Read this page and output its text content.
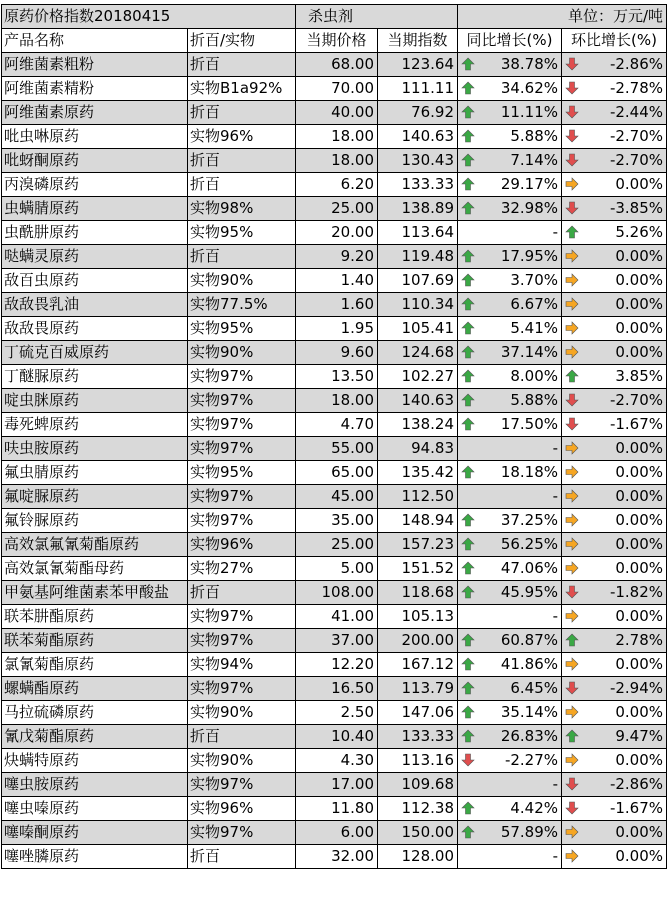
原药价格指数20180415 杀虫剂				单位：万元/吨	
产品名称	折百/实物	当期价格	当期指数	同比增长(%)	环比增长(%)
阿维菌素粗粉	折百	68.00	123.64	38.78%	-2.86%
阿维菌素精粉	实物B1a92%	70.00	111.11	34.62%	-2.78%
阿维菌素原药	折百	40.00	76.92	11.11%	-2.44%
吡虫啉原药	实物96%	18.00	140.63	5.88%	-2.70%
吡蚜酮原药	折百	18.00	130.43	7.14%	-2.70%
丙溴磷原药	折百	6.20	133.33	29.17%	0.00%
虫螨腈原药	实物98%	25.00	138.89	32.98%	-3.85%
虫酰肼原药	实物95%	20.00	113.64	-	5.26%
哒螨灵原药	折百	9.20	119.48	17.95%	0.00%
敌百虫原药	实物90%	1.40	107.69	3.70%	0.00%
敌敌畏乳油	实物77.5%	1.60	110.34	6.67%	0.00%
敌敌畏原药	实物95%	1.95	105.41	5.41%	0.00%
丁硫克百威原药	实物90%	9.60	124.68	37.14%	0.00%
丁醚脲原药	实物97%	13.50	102.27	8.00%	3.85%
啶虫脒原药	实物97%	18.00	140.63	5.88%	-2.70%
毒死蜱原药	实物97%	4.70	138.24	17.50%	-1.67%
呋虫胺原药	实物97%	55.00	94.83	-	0.00%
氟虫腈原药	实物95%	65.00	135.42	18.18%	0.00%
氟啶脲原药	实物97%	45.00	112.50	-	0.00%
氟铃脲原药	实物97%	35.00	148.94	37.25%	0.00%
高效氯氟氰菊酯原药	实物96%	25.00	157.23	56.25%	0.00%
高效氯氰菊酯母药	实物27%	5.00	151.52	47.06%	0.00%
甲氨基阿维菌素苯甲酸盐	折百	108.00	118.68	45.95%	-1.82%
联苯肼酯原药	实物97%	41.00	105.13	-	0.00%
联苯菊酯原药	实物97%	37.00	200.00	60.87%	2.78%
氯氰菊酯原药	实物94%	12.20	167.12	41.86%	0.00%
螺螨酯原药	实物97%	16.50	113.79	6.45%	-2.94%
马拉硫磷原药	实物90%	2.50	147.06	35.14%	0.00%
氰戊菊酯原药	折百	10.40	133.33	26.83%	9.47%
炔螨特原药	实物90%	4.30	113.16	-2.27%	0.00%
噻虫胺原药	实物97%	17.00	109.68	-	-2.86%
噻虫嗪原药	实物96%	11.80	112.38	4.42%	-1.67%
噻嗪酮原药	实物97%	6.00	150.00	57.89%	0.00%
噻唑膦原药	折百	32.00	128.00	-	0.00%
